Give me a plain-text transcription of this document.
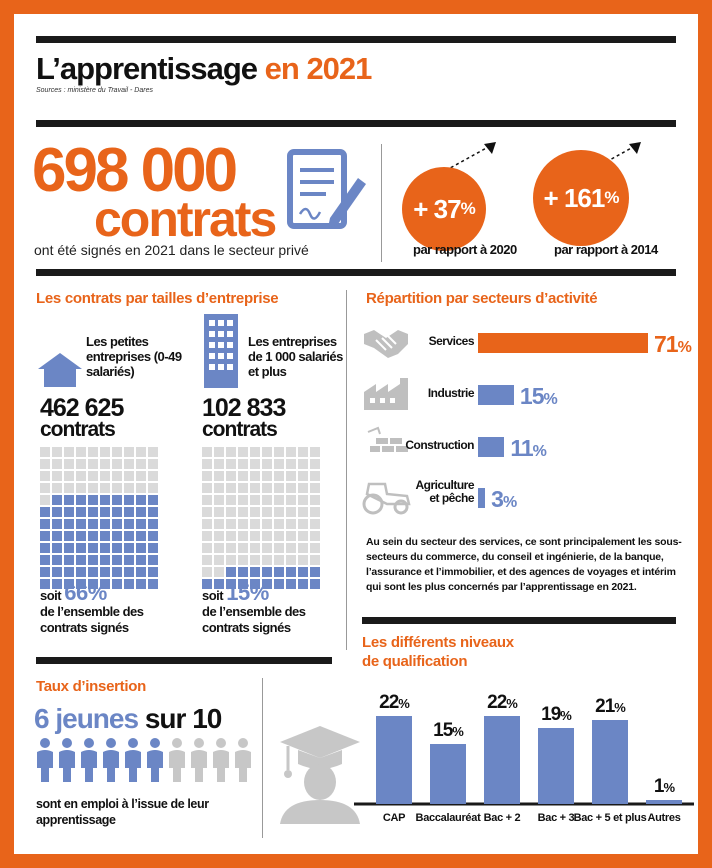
L’apprentissage en 2021
Sources : ministère du Travail - Dares
698 000
contrats
ont été signés en 2021 dans le secteur privé
+ 37 %
par rapport à 2020
+ 161 %
par rapport à 2014
Les contrats par tailles d’entreprise
Les petites entreprises (0-49 salariés)
462 625
contrats
soit 66%
de l’ensemble des contrats signés
Les entreprises de 1 000 salariés et plus
102 833
contrats
soit 15%
de l’ensemble des contrats signés
Répartition par secteurs d’activité
Services	71%
Industrie 15%
Construction 11%
Agriculture et pêche 3%
Au sein du secteur des services, ce sont principalement les sous-secteurs du commerce, du conseil et ingénierie, de la banque, l’assurance et l’immobilier, et des agences de voyages et intérim qui sont les plus concernés par l’apprentissage en 2021.
Taux d’insertion
6 jeunes sur 10
sont en emploi à l’issue de leur apprentissage
Les différents niveaux
de qualification
22%
CAP
15%
Baccalauréat
22%
Bac + 2
19%
Bac + 3
21%
Bac + 5 et plus
1%
Autres
